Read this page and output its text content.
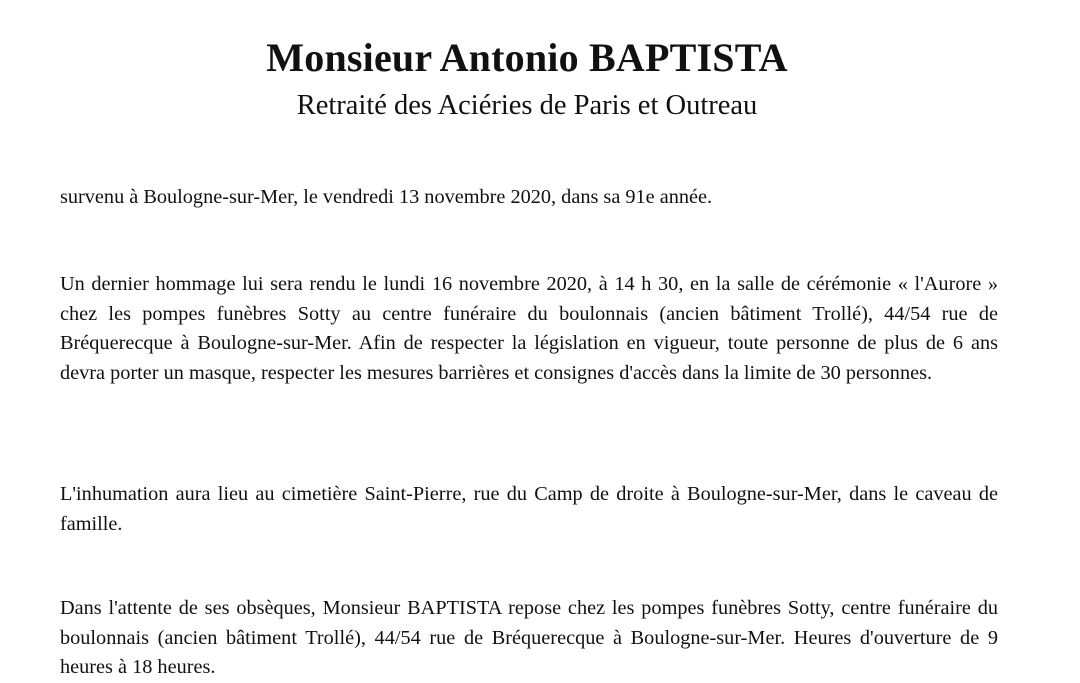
Monsieur Antonio BAPTISTA
Retraité des Aciéries de Paris et Outreau
survenu à Boulogne-sur-Mer, le vendredi 13 novembre 2020, dans sa 91e année.
Un dernier hommage lui sera rendu le lundi 16 novembre 2020, à 14 h 30, en la salle de cérémonie « l'Aurore » chez les pompes funèbres Sotty au centre funéraire du boulonnais (ancien bâtiment Trollé), 44/54 rue de Bréquerecque à Boulogne-sur-Mer. Afin de respecter la législation en vigueur, toute personne de plus de 6 ans devra porter un masque, respecter les mesures barrières et consignes d'accès dans la limite de 30 personnes.
L'inhumation aura lieu au cimetière Saint-Pierre, rue du Camp de droite à Boulogne-sur-Mer, dans le caveau de famille.
Dans l'attente de ses obsèques, Monsieur BAPTISTA repose chez les pompes funèbres Sotty, centre funéraire du boulonnais (ancien bâtiment Trollé), 44/54 rue de Bréquerecque à Boulogne-sur-Mer. Heures d'ouverture de 9 heures à 18 heures.
